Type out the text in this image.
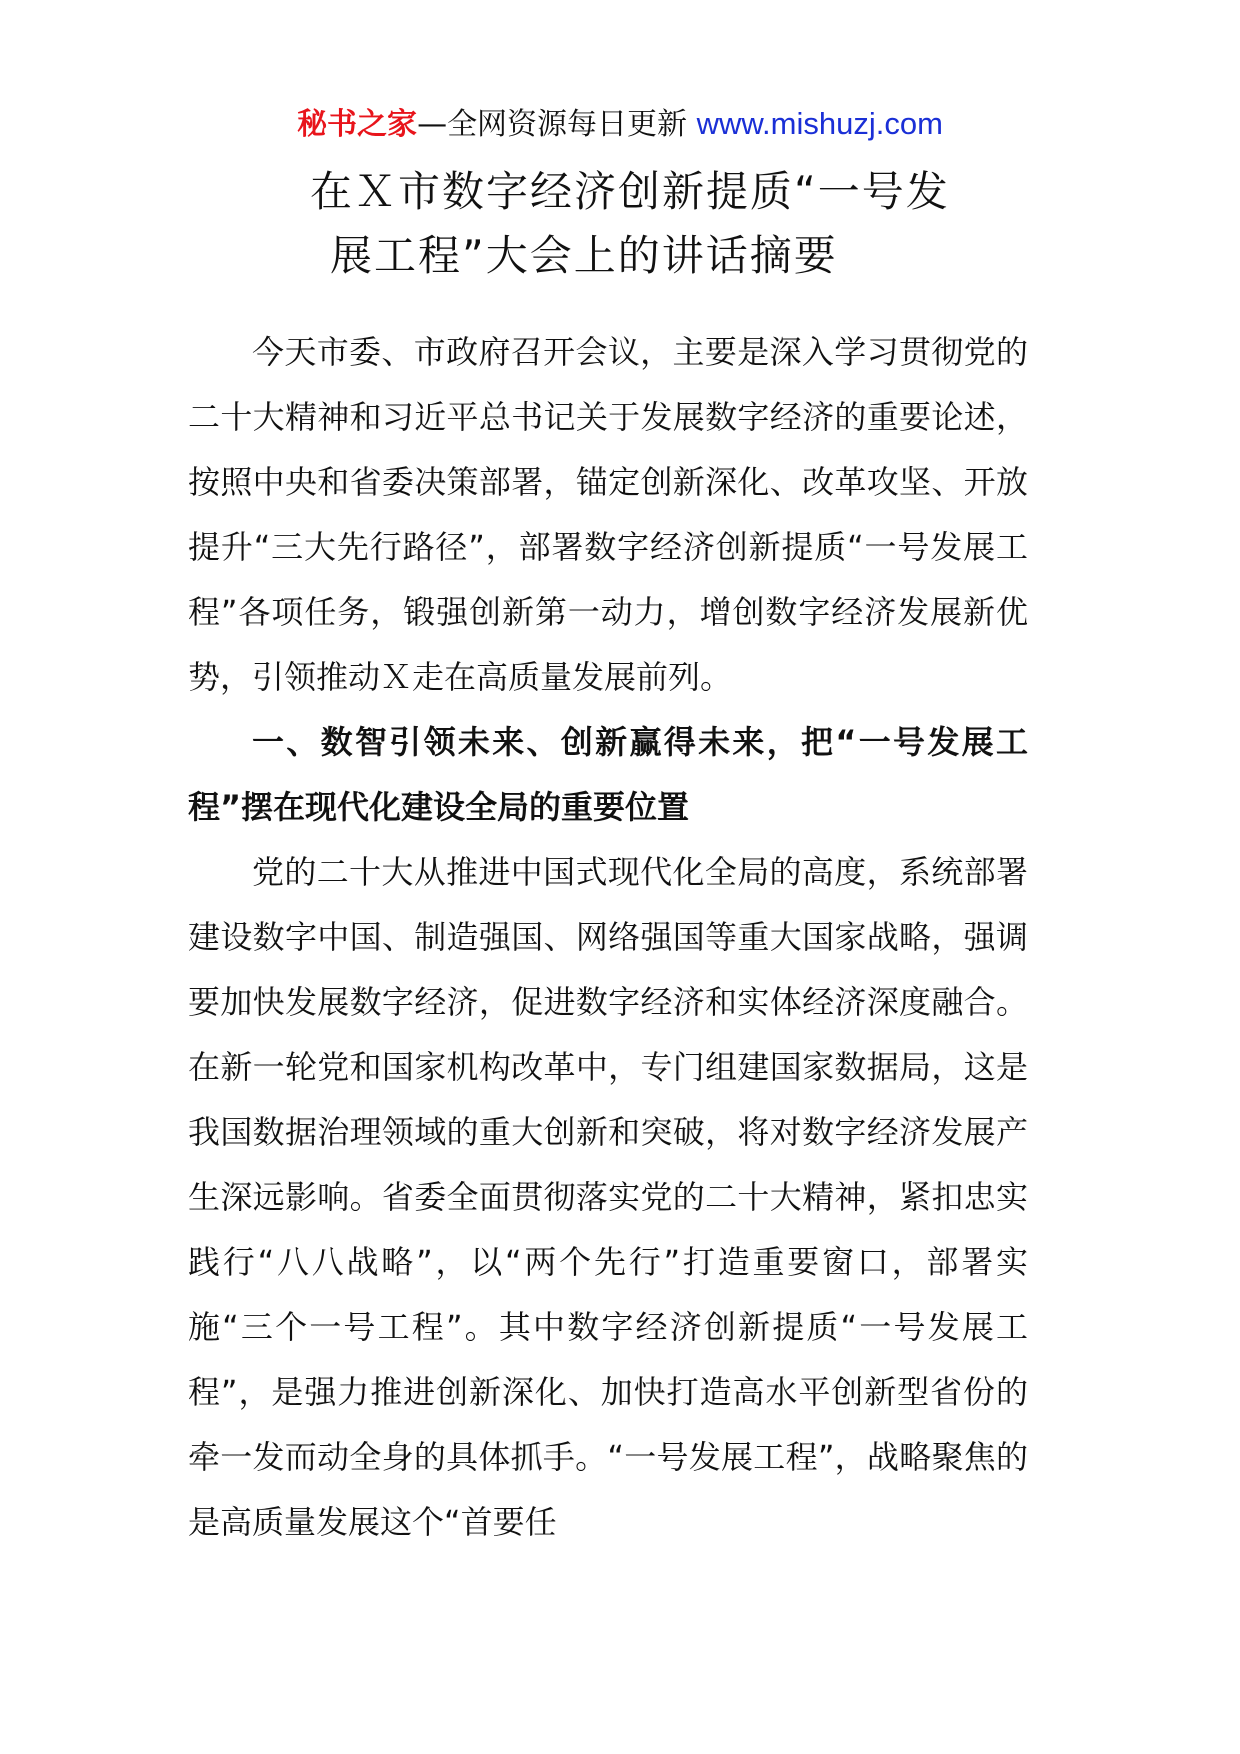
秘书之家—全网资源每日更新 www.mishuzj.com
在Ｘ市数字经济创新提质“一号发
展工程”大会上的讲话摘要

今天市委、市政府召开会议，主要是深入学习贯彻党的二十大精神和习近平总书记关于发展数字经济的重要论述，按照中央和省委决策部署，锚定创新深化、改革攻坚、开放提升“三大先行路径”，部署数字经济创新提质“一号发展工程”各项任务，锻强创新第一动力，增创数字经济发展新优势，引领推动Ｘ走在高质量发展前列。

一、数智引领未来、创新赢得未来，把“一号发展工程”摆在现代化建设全局的重要位置

党的二十大从推进中国式现代化全局的高度，系统部署建设数字中国、制造强国、网络强国等重大国家战略，强调要加快发展数字经济，促进数字经济和实体经济深度融合。在新一轮党和国家机构改革中，专门组建国家数据局，这是我国数据治理领域的重大创新和突破，将对数字经济发展产生深远影响。省委全面贯彻落实党的二十大精神，紧扣忠实践行“八八战略”，以“两个先行”打造重要窗口，部署实施“三个一号工程”。其中数字经济创新提质“一号发展工程”，是强力推进创新深化、加快打造高水平创新型省份的牵一发而动全身的具体抓手。“一号发展工程”，战略聚焦的是高质量发展这个“首要任
